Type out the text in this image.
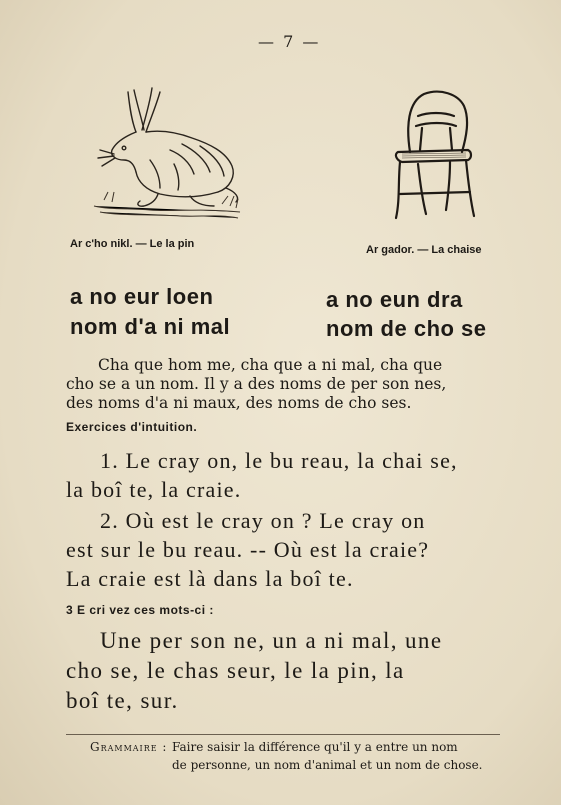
— 7 —
Ar c'ho nikl. — Le la pin	Ar gador. — La chaise
a no eur loen
nom d'a ni mal
a no eun dra
nom de cho se
Cha que hom me, cha que a ni mal, cha que
cho se a un nom. Il y a des noms de per son nes,
des noms d'a ni maux, des noms de cho ses.
Exercices d'intuition.
1. Le cray on, le bu reau, la chai se,
la boî te, la craie.
2. Où est le cray on ? Le cray on
est sur le bu reau. -- Où est la craie?
La craie est là dans la boî te.
3 E cri vez ces mots-ci :
Une per son ne, un a ni mal, une
cho se, le chas seur, le la pin, la
boî te, sur.
Grammaire : Faire saisir la différence qu'il y a entre un nom
de personne, un nom d'animal et un nom de chose.
